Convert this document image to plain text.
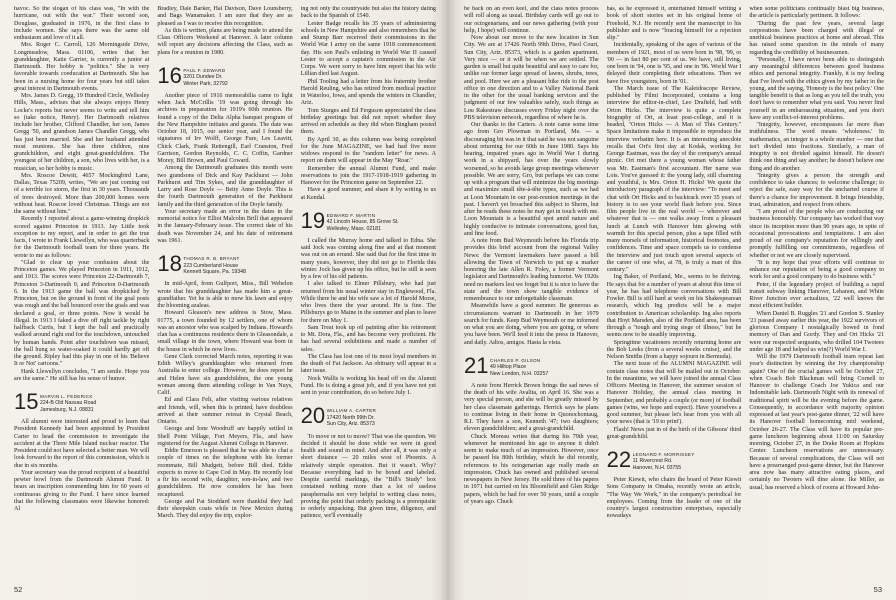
havoc. So the slogan of his class was, "In with the hurricane, out with the war." Their second son, Douglass, graduated in 1976, in the first class to include women. She says there was the same old enthusiasm and love of it all.

Mrs. Roger C. Carroll, 126 Morningside Drive, Longmeadow, Mass. 01106, writes that her granddaughter, Katie Carrier, is currently a junior at Dartmouth. Her hobby is "politics." She is very favorable towards coeducation at Dartmouth. She has been in a nursing home for four years but still takes great interest in Dartmouth events.

Mrs. James D. Gregg, 19 Hundred Circle, Wellesley Hills, Mass., advises that she always enjoys Henry Locke's reports but never seems to write and tell him so (take notice, Henry). Her Dartmouth relatives include her brother, Clifford Chandler, her son, James Gregg '50, and grandson James Chandler Gregg, who has just been married. She and her husband attended most reunions. She has three children, nine grandchildren, and eight great-grandchildren. The youngest of her children, a son, who lives with her, is a musician, so her hobby is music.

Mrs. Roscoe Dewitt, 4657 Mockingbird Lane, Dallas, Texas 75209, writes, "We are just coming out of a terrible ice storm, the first in 30 years. Thousands of trees destroyed. More than 200,000 homes were without heat. Roscoe loved Christmas. Things are not the same without him."

Recently I reported about a game-winning dropkick scored against Princeton in 1913. Jay Little took exception to my report, and in order to get the true facts, I wrote to Frank Llewellyn, who was quarterback for the Dartmouth football team for three years. He wrote to me as follows:

"Glad to clear up your confusion about the Princeton games. We played Princeton in 1911, 1912, and 1913. The scores were Princeton 22-Dartmouth 7, Princeton 3-Dartmouth 0, and Princeton 0-Dartmouth 6. In the 1913 game the ball was dropkicked by Princeton, but on the ground in front of the goal posts was rough and the ball bounced over the goals and was declared a goal, or three points. Now it would be illegal. In 1913 I faked a dive off right tackle by right halfback Curtis, but I kept the ball and practically walked around right end for the touchdown, untouched by human hands. Point after touchdown was missed, the ball hung so water-soaked it could hardly get off the ground. Ripley had this play in one of his 'Believe It or Not' cartoons."

Hank Llewellyn concludes, "I am senile. Hope you are the same." He still has his sense of humor.

15 MARVIN L. FEDERICK
224-B Old Nassau Road
Jamesburg, N.J. 08831

All alumni were interested and proud to learn that President Kennedy had been appointed by President Carter to head the commission to investigate the accident at the Three Mile Island nuclear reactor. The President could not have selected a better man. We will look forward to the report of this commission, which is due in six months.

Your secretary was the proud recipient of a beautiful pewter bowl from the Dartmouth Alumni Fund. It bears an inscription commending him for 60 years of continuous giving to the Fund. I have since learned that the following classmates were likewise honored: Al

Bradley, Dale Barker, Hal Davison, Dave Lounsberry, and Bags Wanamaker. I am sure that they are as pleased as I was to receive this recognition.

As this is written, plans are being made to attend the Class Officers Weekend at Hanover. A later column will report any decisions affecting the Class, such as plans for a reunion in 1980.

16 PAUL F. EDWARD
3201 Dundee Dr.
Winter Park, 32792

Another piece of 1916 memorabilia came to light when Jack McCrillis '19 was going through his archives in preparation for 1919's 60th reunion. He found a copy of the Delta Alpha banquet program of the New Hampshire initiates and guests. The date was October 18, 1915, our senior year, and I found the signatures of Irv Wolff, George Fure, Les Leavitt, Chick Clark, Frank Rettengill, Earl Cranston, Fred Garrison, Gordon Reynolds, C. C. Coffin, Gardner Morey, Bill Brown, and Paul Coward.

Among the Dartmouth graduates this month were two grandsons of Dick and Kay Packhurst — John Parkhurst and Tim Sykes, and the granddaughter of Larry and Rose Doyle — Betty Anne Doyle. This is the fourth Dartmouth generation of the Parkhurst family and the third generation of the Doyle family.

Your secretary made an error in the dates in the memorial notice for Elliot Malcolm Brill that appeared in the January-February issue. The correct date of his death was November 24, and his date of retirement was 1961.

18 THOMAS R. B. BRYANT
223 Cumberland House
Kennett Square, Pa. 19348

In mid-April, from Gulfport, Miss., Bill Webelon wrote that his granddaughter has made him a great-grandfather. Yet he is able to mow his lawn and enjoy the blooming azaleas.

Howard Gleason's new address is Stow, Mass. 01775, a town founded by 12 settlers, one of whom was an ancestor who was scalped by Indians. Howard's clan has a continuous residence there in Gleasondale, a small village in the town, where Howard was born in the house in which he now lives.

Gene Clark corrected March notes, reporting it was Edith Willey's granddaughter who returned from Australia to enter college. However, he does report he and Helen have six grandchildren, the one young woman among them attending college in Van Nuys, Calif.

Ed and Clara Felt, after visiting various relatives and friends, will, when this is printed, have doubtless arrived at their summer retreat in Crystal Beach, Ontario.

George and Ione Woodruff are happily settled in Shell Point Village, Fort Meyers, Fla., and have registered for the August Alumni College in Hanover.

Eddie Emerson is pleased that he was able to chat a couple of times on the telephone with his former roommate, Bill Mudgett, before Bill died. Eddie expects to move to Cape Cod in May. He recently lost a fir his second wife, daughter, son-in-law, and two grandchildren. He now considers he has been recaptured.

George and Pat Stoddard were thankful they had their sheepskin coats while in New Mexico during March. They did enjoy the trip, explor-

ing not only the countryside but also the history dating back to the Spanish of 1540.

Lester Badge recalls his 35 years of adminstering schools in New Hampshire and also remembers that he and Stump Barr received their commissions in the World War I army on the same 1918 commencement day. His son Paul's enlisting in World War II caused Lester to accept a captain's commission in the Air Corps. We were sorry to have him report that his wife Lillian died last August.

Phil Tooling had a letter from his fraternity brother Harold Reuling, who has retired from medical practice in Waterloo, Iowa, and spends the winters in Chandler, Ariz.

Tom Sturges and Ed Ferguson appreciated the class birthday greetings but did not report whether they arrived on schedule as they did when Bingham posted them.

By April 30, as this column was being completed for the June MAGAZINE, we had had five more widows respond to the "random letter" for news. A report on them will appear in the May "Roar."

Remember the annual Alumni Fund, and make reservations to join the 1917-1918-1919 gathering in Hanover for the Princeton game on September 22.

Have a good summer, and share it by writing to us at Kendal.

19 EDWARD F. MARTIN
42 Lincoln House, 85 Grove St.
Wellesley, Mass. 02181

I called the Murray home and talked to Edna. She said Jock was coming along fine and at that moment was out on an errand. She said that for the first time in many years, however, they did not go to Florida this winter. Jock has given up his office, but he still is seen by a few of his old patients.

I also talked to Elmer Pillsbury, who had just returned from his usual winter stay in Englewood, Fla. While there he and his wife saw a lot of Harold Morse, who lives there the year around. He is fine. The Pillsburys go to Maine in the summer and plan to leave for there on May 1.

Sam Treat took up oil painting after his retirement to Mt. Dora, Fla., and has become very proficient. He has had several exhibitions and made a number of sales.

The Class has lost one of its most loyal members in the death of Fat Jackson. An obituary will appear in a later issue.

Nock Wallis is working his head off on the Alumni Fund. He is doing a great job, and if you have not yet sent in your contribution, do so before July 1.

20 WILLIAM A. CARTER
17420 North 99th Dr.
Sun City, Ariz. 85373

To move or not to move? That was the question. We decided it should be done while we were in good health and sound in mind. And after all, it was only a short distance — 20 miles west of Phoenix. A relatively simple operation. But it wasn't. Why? Because everything had to be boxed and labeled. Despite careful markings, the "Bill's Study" box contained nothing more than a lot of useless paraphernalia not very helpful to writing class notes, proving the point that orderly packing is a prerequisite to orderly unpacking. But given time, diligence, and patience, we'll eventually

52

be back on an even keel, and the class notes process will roll along as usual. Birthday cards will go out to our octogenarians, and our news gathering (with your help, I hope) will continue.

Now about our move to the new location in Sun City. We are at 17426 North 99th Drive, Pisol Court, Sun City, Ariz. 85373, which is a garden apartment. Very nice — or it will be when we are settled. The garden is small but quite beautiful and easy to care for, unlike our former large spread of lawns, shrubs, trees, and pool. Here we are a pleasant bike ride to the post office in one direction and to a Valley National Bank in the other for the usual banking services and the judgment of our few valuables safely, such things as Lou Rakestraw discusses every Friday night over the PBS television network, regardless of where he is.

Our thanks to the Carters. A note came some time ago from Gro Plowman in Portland, Me. — a discouraging bit was in it that said he was not sanguine about returning for our 60th in June 1980. Says his hearing, impaired years ago in World War I during work in a shipyard, has over the years slowly worsened, so he avoids large group meetings whenever possible. We are sorry, Gro, but perhaps we can come up with a program that will minimize the big meetings and maximize small tête-à-tête types, such as we had at Loon Mountain in our post-reunion meetings in the past. I haven't yet broached this subject to Sherm, but after he reads these notes he may get in touch with me. Loon Mountain is a beautiful spot amid nature and highly conducive to intimate conversations, good fun, and fine food.

A note from Bud Weymouth before his Florida trip provides this brief account from the regional Valley News: the Vermont lawmakers have passed a bill allowing the Town of Norwich to put up a marker honoring the late Allen R. Foley, a former Vermont legislator and Dartmouth's leading humorist. We 1920s need no markers lest we forget but it is nice to have the state and the town show tangible evidence of remembrance to our unforgettable classmate.

Meanwhile have a good summer. Be generous as circumstances warrant to Dartmouth in her 1979 search for funds. Keep Bud Weymouth or me informed on what you are doing, where you are going, or where you have been. We'll feed it into the press in Hanover, and daily. Adios, amigos. Hasta la vista.

21 CHARLES P. GILSON
49 Hilltop Place
New London, N.H. 03257

A note from Herrick Brown brings the sad news of the death of his wife Avalita, on April 16. She was a very special person, and she will be greatly missed by her class classmate gatherings. Herrick says he plans to continue living in their home in Quonochontaug, R.I. They have a son, Kenneth '47; two daughters; eleven grandchildren; and a great-grandchild.

Chuck Moreau writes that during his 79th year, whenever he mentioned his age to anyone it didn't seem to make much of an impression. However, once he passed his 80th birthday, which he did recently, references to his octogenarian age really made an impression. Chuck has owned and published several newspapers in New Jersey. He sold three of his papers in 1971 but carried on his Bloomfield and Glen Ridge papers, which he had for over 50 years, until a couple of years ago. Chuck

has, as he expressed it, entertained himself writing a book of short stories set in his original home of Freehold, N.J. He recently sent the manuscript to his publisher and is now "bracing himself for a rejection slip."

Incidentally, speaking of the ages of various of the members of 1921, most of us were born in '98, '99, or '00 — in fact 80 per cent of us. We have, still living, one born in '94, one is '95, and one in '96. World War I delayed their completing their educations. Then we have five youngsters, born in '01.

The March issue of The Kaleidoscope Review, published by Filmi Incorporated, contains a long interview the editor-in-chief, Leo Drafield, had with Orton Hicks. The interview is quite a complete biography of Ort, at least post-college, and it is headed, "Orton Hicks — A Man of This Century." Space limitations make it impossible to reproduce the interview verbatim here. It is an interesting anecdote recalls that Ort's first day at Kodak, working for George Eastman, was the day of the company's annual picnic. Ort met there a young woman whose father was Mr. Eastman's first accountant. Her name was Lois. You've guessed it: the young lady, still charming and youthful, is Mrs. Orton H. Hicks! We quote the introductory paragraph of the interview: "To meet and chat with Ort Hicks and to backtrack over 35 years of history is to see your world flash before you. Since film people live in the real world — wherever and whatever that is — one walks away from a pleasant lunch at Lunch with Hanover him glowing with warmth for this special person, plus a tape filled with many morsels of information, historical footnotes, and confidences. Time and space compels us to condense the interview and just touch upon several aspects of the career of one who, at 78, is truly a man of this century."

Ing Baker, of Portland, Me., seems to be thriving. He says that for a number of years at about this time of year, he has had telephone conversations with Bill Fowler. Bill is still hard at work on his Shakespearean research, which Ing predicts will be a major contribution to American scholarship. Ing also reports that Hoyt Marsden, also of the Portland area, has been through a "tough and trying siege of illness," but he seems now to be steadily improving.

Springtime vacationers recently returning home are the Bob Leeks (from a several weeks cruise), and the Nelson Smiths (from a happy sojourn in Bermuda).

The next issue of the ALUMNI MAGAZINE will contain class notes that will be mailed out in October. In the meantime, we will have joined the annual Class Officers Meeting in Hanover, the summer session of Hanover Holiday, the annual class meeting in September, and probably a couple (or more) of football games (wins, we hope and expect). Have yourselves a good summer, but please let's hear from you with all your news (that is '19 to print').

Flash! News just in of the birth of the Gibsons' third great-grandchild.

22 LEONARD F. MORRISSEY
11 Rivercrest Rd.
Hanover, N.H. 03755

Peter Kiewit, who chairs the board of Peter Kiewit Sons Company in Omaha, recently wrote an article, "The Way We Work," in the company's periodical for employees. Coming from the leader of one of the country's largest construction enterprises, especially nowadays

when some politicians continually blast big business, the article is particularly pertinent. It follows:

"During the past few years, several large corporations have been charged with illegal or unethical business practices at home and abroad. This has raised some question in the minds of many regarding the credibility of businessmen.

"Personally, I have never been able to distinguish any meaningful differences between good business ethics and personal integrity. Frankly, it is my feeling that I've lived with the ethics given by my father in the young, and the saying, 'Honesty is the best policy.' One tangible benefit is that as long as you tell the truth, you don't have to remember what you said. You never find yourself in an embarrassing situation, and you don't have any conflict-of-interest problems.

"Integrity, however, encompasses far more than truthfulness. The word means 'wholeness.' In mathematics, an integer is a whole number — one that isn't divided into fractions. Similarly, a man of integrity is not divided against himself. He doesn't think one thing and say another; he doesn't believe one thing and do another.

"Integrity gives a person the strength and confidence to take chances; to welcome challenge; to reject the safe, easy way for the uncharted course if there's a chance for improvement. It brings friendship, trust, admiration, and respect from others.

"I am proud of the people who are conducting our business honorably. Our company has worked that way since its inception more than 90 years ago, in spite of occasional provocations and temptations. I am also proud of our company's reputation for willingly and promptly fulfilling our commitments, regardless of whether or not we are closely supervised.

"It is my hope that your efforts will continue to enhance our reputation of being a good company to work for and a good company to do business with."

Peter, if the legendary project of building a rapid transit subway linking Hanover, Lebanon, and White River Junction ever actualizes, '22 well knows the most efficient builder.

When Daniel B. Ruggles '21 and Gordon S. Stanley '21 passed away earlier this year, the 1922 survivors of glorious Company I nostalgically bowed in fond memory of Dan and Gordy. They and Ort Hicks '21 were our respected sergeants, who drilled 104 Twotees under age 18 and helped us win(?) World War I.

Will the 1979 Dartmouth football team repeat last year's distinction by winning the Ivy championship again? One of the crucial games will be October 27, when Coach Bob Blackman will bring Cornell to Hanover to challenge Coach Joe Yukica and our Indomitable lads. Dartmouth Night with its renewal of traditional spirit will be the evening before the game. Consequently, in accordance with majority opinion expressed at last year's post-game dinner, '22 will have its Hanover football homecoming mid weekend, October 26-27. The Class will have its popular pre-game luncheon beginning about 11:00 on Saturday morning, October 27, in the Drake Room at Hopkins Center. Luncheon reservations are unnecessary. Because of several complications, the Class will not have a prearranged post-game dinner, but the Hanover area now has many attractive eating places, and certainly no Twoters will dine alone. Ike Miller, as usual, has reserved a block of rooms at Howard John-

53
